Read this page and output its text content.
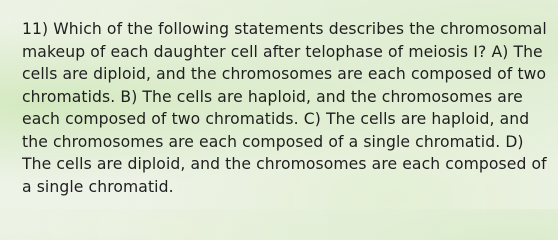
11) Which of the following statements describes the chromosomal makeup of each daughter cell after telophase of meiosis I? A) The cells are diploid, and the chromosomes are each composed of two chromatids. B) The cells are haploid, and the chromosomes are each composed of two chromatids. C) The cells are haploid, and the chromosomes are each composed of a single chromatid. D) The cells are diploid, and the chromosomes are each composed of a single chromatid.
